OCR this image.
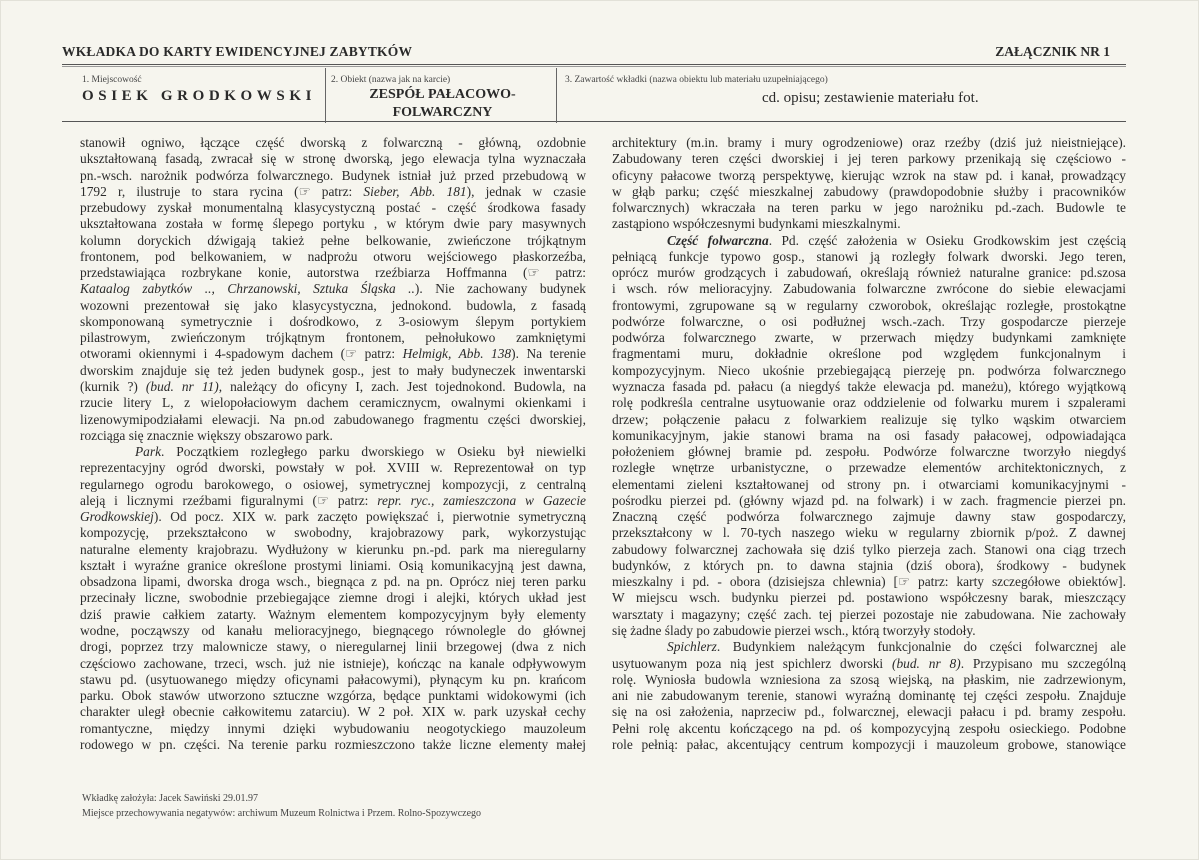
WKŁADKA DO KARTY EWIDENCYJNEJ ZABYTKÓW	ZAŁĄCZNIK NR 1
1. Miejscowość
OSIEK GRODKOWSKI
2. Obiekt (nazwa jak na karcie)
ZESPÓŁ PAŁACOWO-
FOLWARCZNY
3. Zawartość wkładki (nazwa obiektu lub materiału uzupełniającego)
cd. opisu; zestawienie materiału fot.
stanowił ogniwo, łączące część dworską z folwarczną - główną, ozdobnie
ukształtowaną fasadą, zwracał się w stronę dworską, jego elewacja tylna wyznaczała
pn.-wsch. narożnik podwórza folwarcznego. Budynek istniał już przed przebudową w
1792 r, ilustruje to stara rycina (☞ patrz: Sieber, Abb. 181), jednak w czasie
przebudowy zyskał monumentalną klasycystyczną postać - część środkowa fasady
ukształtowana została w formę ślepego portyku , w którym dwie pary masywnych
kolumn doryckich dźwigają takież pełne belkowanie, zwieńczone trójkątnym
frontonem, pod belkowaniem, w nadprożu otworu wejściowego płaskorzeźba,
przedstawiająca rozbrykane konie, autorstwa rzeźbiarza Hoffmanna (☞ patrz:
Kataalog zabytków .., Chrzanowski, Sztuka Śląska ..). Nie zachowany budynek
wozowni prezentował się jako klasycystyczna, jednokond. budowla, z fasadą
skomponowaną symetrycznie i dośrodkowo, z 3-osiowym ślepym portykiem
pilastrowym, zwieńczonym trójkątnym frontonem, pełnołukowo zamkniętymi
otworami okiennymi i 4-spadowym dachem (☞ patrz: Helmigk, Abb. 138). Na terenie
dworskim znajduje się też jeden budynek gosp., jest to mały budyneczek inwentarski
(kurnik ?) (bud. nr 11), należący do oficyny I, zach. Jest tojednokond. Budowla, na
rzucie litery L, z wielopołaciowym dachem ceramicznycm, owalnymi okienkami i
lizenowymipodziałami elewacji. Na pn.od zabudowanego fragmentu części dworskiej,
rozciąga się znacznie większy obszarowo park.
Park. Początkiem rozległego parku dworskiego w Osieku był niewielki
reprezentacyjny ogród dworski, powstały w poł. XVIII w. Reprezentował on typ
regularnego ogrodu barokowego, o osiowej, symetrycznej kompozycji, z centralną
aleją i licznymi rzeźbami figuralnymi (☞ patrz: repr. ryc., zamieszczona w Gazecie
Grodkowskiej). Od pocz. XIX w. park zaczęto powiększać i, pierwotnie symetryczną
kompozycję, przekształcono w swobodny, krajobrazowy park, wykorzystując
naturalne elementy krajobrazu. Wydłużony w kierunku pn.-pd. park ma nieregularny
kształt i wyraźne granice określone prostymi liniami. Osią komunikacyjną jest dawna,
obsadzona lipami, dworska droga wsch., biegnąca z pd. na pn. Oprócz niej teren parku
przecinały liczne, swobodnie przebiegające ziemne drogi i alejki, których układ jest
dziś prawie całkiem zatarty. Ważnym elementem kompozycyjnym były elementy
wodne, począwszy od kanału melioracyjnego, biegnącego równolegle do głównej
drogi, poprzez trzy malownicze stawy, o nieregularnej linii brzegowej (dwa z nich
częściowo zachowane, trzeci, wsch. już nie istnieje), kończąc na kanale odpływowym
stawu pd. (usytuowanego między oficynami pałacowymi), płynącym ku pn. krańcom
parku. Obok stawów utworzono sztuczne wzgórza, będące punktami widokowymi (ich
charakter uległ obecnie całkowitemu zatarciu). W 2 poł. XIX w. park uzyskał cechy
romantyczne, między innymi dzięki wybudowaniu neogotyckiego mauzoleum
rodowego w pn. części. Na terenie parku rozmieszczono także liczne elementy małej
architektury (m.in. bramy i mury ogrodzeniowe) oraz rzeźby (dziś już nieistniejące).
Zabudowany teren części dworskiej i jej teren parkowy przenikają się częściowo -
oficyny pałacowe tworzą perspektywę, kierując wzrok na staw pd. i kanał, prowadzący
w głąb parku; część mieszkalnej zabudowy (prawdopodobnie służby i pracowników
folwarcznych) wkraczała na teren parku w jego narożniku pd.-zach. Budowle te
zastąpiono współczesnymi budynkami mieszkalnymi.
Część folwarczna. Pd. część założenia w Osieku Grodkowskim jest częścią
pełniącą funkcje typowo gosp., stanowi ją rozległy folwark dworski. Jego teren,
oprócz murów grodzących i zabudowań, określają również naturalne granice: pd.szosa
i wsch. rów melioracyjny. Zabudowania folwarczne zwrócone do siebie elewacjami
frontowymi, zgrupowane są w regularny czworobok, określając rozległe, prostokątne
podwórze folwarczne, o osi podłużnej wsch.-zach. Trzy gospodarcze pierzeje
podwórza folwarcznego zwarte, w przerwach między budynkami zamknięte
fragmentami muru, dokładnie określone pod względem funkcjonalnym i
kompozycyjnym. Nieco ukośnie przebiegającą pierzeję pn. podwórza folwarcznego
wyznacza fasada pd. pałacu (a niegdyś także elewacja pd. maneżu), którego wyjątkową
rolę podkreśla centralne usytuowanie oraz oddzielenie od folwarku murem i szpalerami
drzew; połączenie pałacu z folwarkiem realizuje się tylko wąskim otwarciem
komunikacyjnym, jakie stanowi brama na osi fasady pałacowej, odpowiadająca
położeniem głównej bramie pd. zespołu. Podwórze folwarczne tworzyło niegdyś
rozległe wnętrze urbanistyczne, o przewadze elementów architektonicznych, z
elementami zieleni kształtowanej od strony pn. i otwarciami komunikacyjnymi -
pośrodku pierzei pd. (główny wjazd pd. na folwark) i w zach. fragmencie pierzei pn.
Znaczną część podwórza folwarcznego zajmuje dawny staw gospodarczy,
przekształcony w l. 70-tych naszego wieku w regularny zbiornik p/poż. Z dawnej
zabudowy folwarcznej zachowała się dziś tylko pierzeja zach. Stanowi ona ciąg trzech
budynków, z których pn. to dawna stajnia (dziś obora), środkowy - budynek
mieszkalny i pd. - obora (dzisiejsza chlewnia) [☞ patrz: karty szczegółowe obiektów].
W miejscu wsch. budynku pierzei pd. postawiono współczesny barak, mieszczący
warsztaty i magazyny; część zach. tej pierzei pozostaje nie zabudowana. Nie zachowały
się żadne ślady po zabudowie pierzei wsch., którą tworzyły stodoły.
Spichlerz. Budynkiem należącym funkcjonalnie do części folwarcznej ale
usytuowanym poza nią jest spichlerz dworski (bud. nr 8). Przypisano mu szczególną
rolę. Wyniosła budowla wzniesiona za szosą wiejską, na płaskim, nie zadrzewionym,
ani nie zabudowanym terenie, stanowi wyraźną dominantę tej części zespołu. Znajduje
się na osi założenia, naprzeciw pd., folwarcznej, elewacji pałacu i pd. bramy zespołu.
Pełni rolę akcentu kończącego na pd. oś kompozycyjną zespołu osieckiego. Podobne
role pełnią: pałac, akcentujący centrum kompozycji i mauzoleum grobowe, stanowiące
Wkładkę założyła: Jacek Sawiński 29.01.97
Miejsce przechowywania negatywów: archiwum Muzeum Rolnictwa i Przem. Rolno-Spozywczego
